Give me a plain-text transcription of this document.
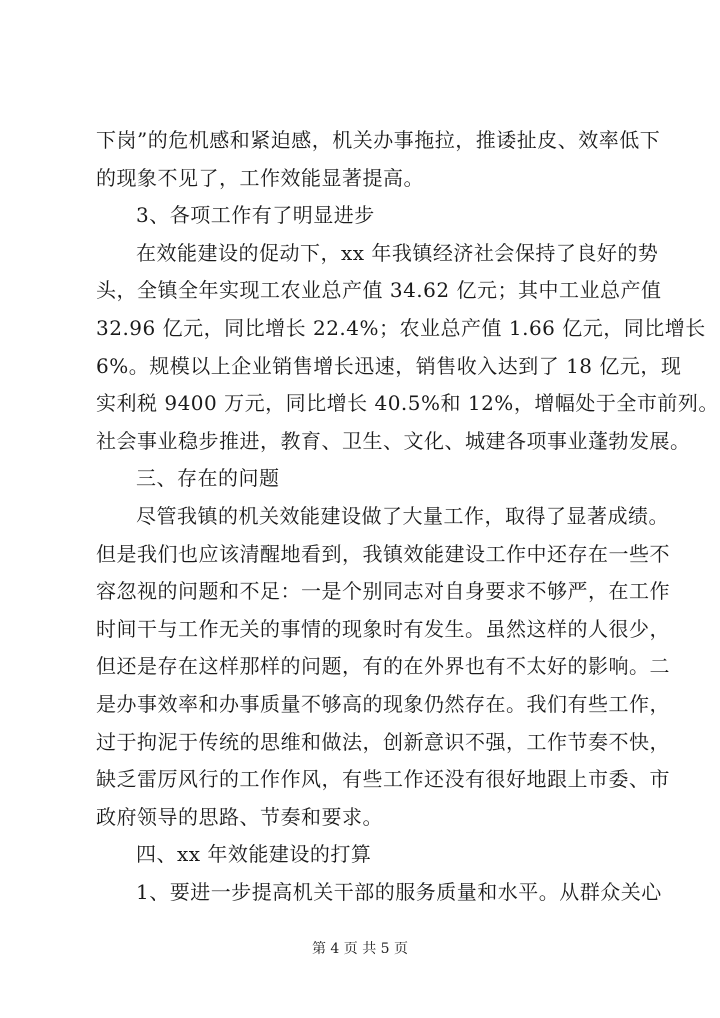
下岗”的危机感和紧迫感，机关办事拖拉，推诿扯皮、效率低下
的现象不见了，工作效能显著提高。
3、各项工作有了明显进步
在效能建设的促动下，xx 年我镇经济社会保持了良好的势
头，全镇全年实现工农业总产值 34.62 亿元；其中工业总产值
32.96 亿元，同比增长 22.4%；农业总产值 1.66 亿元，同比增长
6%。规模以上企业销售增长迅速，销售收入达到了 18 亿元，现
实利税 9400 万元，同比增长 40.5%和 12%，增幅处于全市前列。
社会事业稳步推进，教育、卫生、文化、城建各项事业蓬勃发展。
三、存在的问题
尽管我镇的机关效能建设做了大量工作，取得了显著成绩。
但是我们也应该清醒地看到，我镇效能建设工作中还存在一些不
容忽视的问题和不足：一是个别同志对自身要求不够严，在工作
时间干与工作无关的事情的现象时有发生。虽然这样的人很少，
但还是存在这样那样的问题，有的在外界也有不太好的影响。二
是办事效率和办事质量不够高的现象仍然存在。我们有些工作，
过于拘泥于传统的思维和做法，创新意识不强，工作节奏不快，
缺乏雷厉风行的工作作风，有些工作还没有很好地跟上市委、市
政府领导的思路、节奏和要求。
四、xx 年效能建设的打算
1、要进一步提高机关干部的服务质量和水平。从群众关心
第 4 页 共 5 页
